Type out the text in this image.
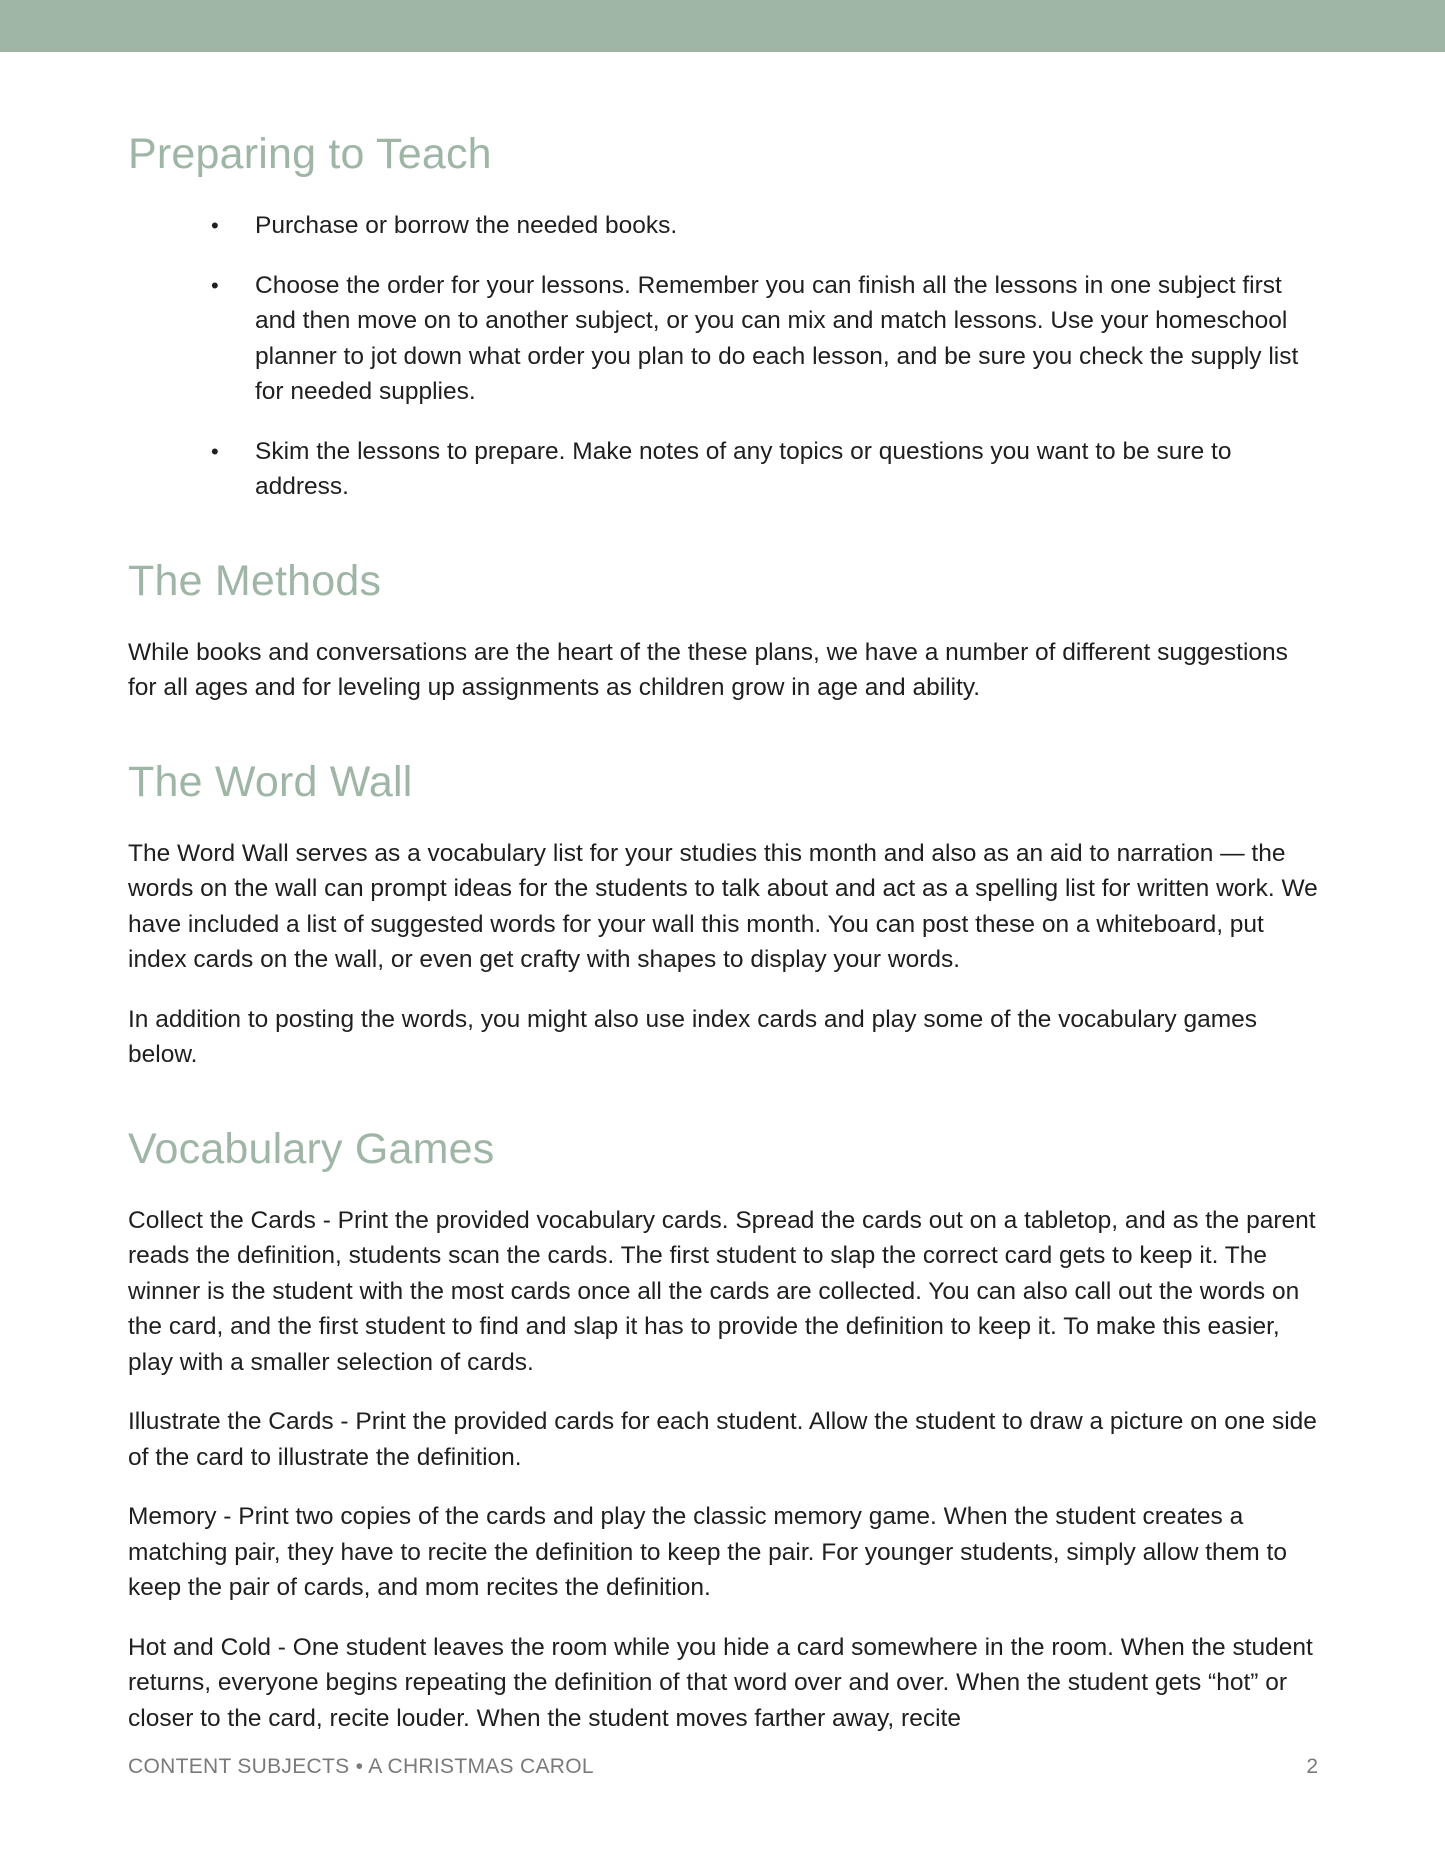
Preparing to Teach
• Purchase or borrow the needed books.
• Choose the order for your lessons. Remember you can finish all the lessons in one subject first and then move on to another subject, or you can mix and match lessons. Use your homeschool planner to jot down what order you plan to do each lesson, and be sure you check the supply list for needed supplies.
• Skim the lessons to prepare. Make notes of any topics or questions you want to be sure to address.
The Methods

While books and conversations are the heart of the these plans, we have a number of different suggestions for all ages and for leveling up assignments as children grow in age and ability.

The Word Wall

The Word Wall serves as a vocabulary list for your studies this month and also as an aid to narration — the words on the wall can prompt ideas for the students to talk about and act as a spelling list for written work. We have included a list of suggested words for your wall this month. You can post these on a whiteboard, put index cards on the wall, or even get crafty with shapes to display your words.

In addition to posting the words, you might also use index cards and play some of the vocabulary games below.

Vocabulary Games

Collect the Cards - Print the provided vocabulary cards. Spread the cards out on a tabletop, and as the parent reads the definition, students scan the cards. The first student to slap the correct card gets to keep it. The winner is the student with the most cards once all the cards are collected. You can also call out the words on the card, and the first student to find and slap it has to provide the definition to keep it. To make this easier, play with a smaller selection of cards.

Illustrate the Cards - Print the provided cards for each student. Allow the student to draw a picture on one side of the card to illustrate the definition.

Memory - Print two copies of the cards and play the classic memory game. When the student creates a matching pair, they have to recite the definition to keep the pair. For younger students, simply allow them to keep the pair of cards, and mom recites the definition.

Hot and Cold - One student leaves the room while you hide a card somewhere in the room. When the student returns, everyone begins repeating the definition of that word over and over. When the student gets “hot” or closer to the card, recite louder. When the student moves farther away, recite

CONTENT SUBJECTS • A CHRISTMAS CAROL	2
